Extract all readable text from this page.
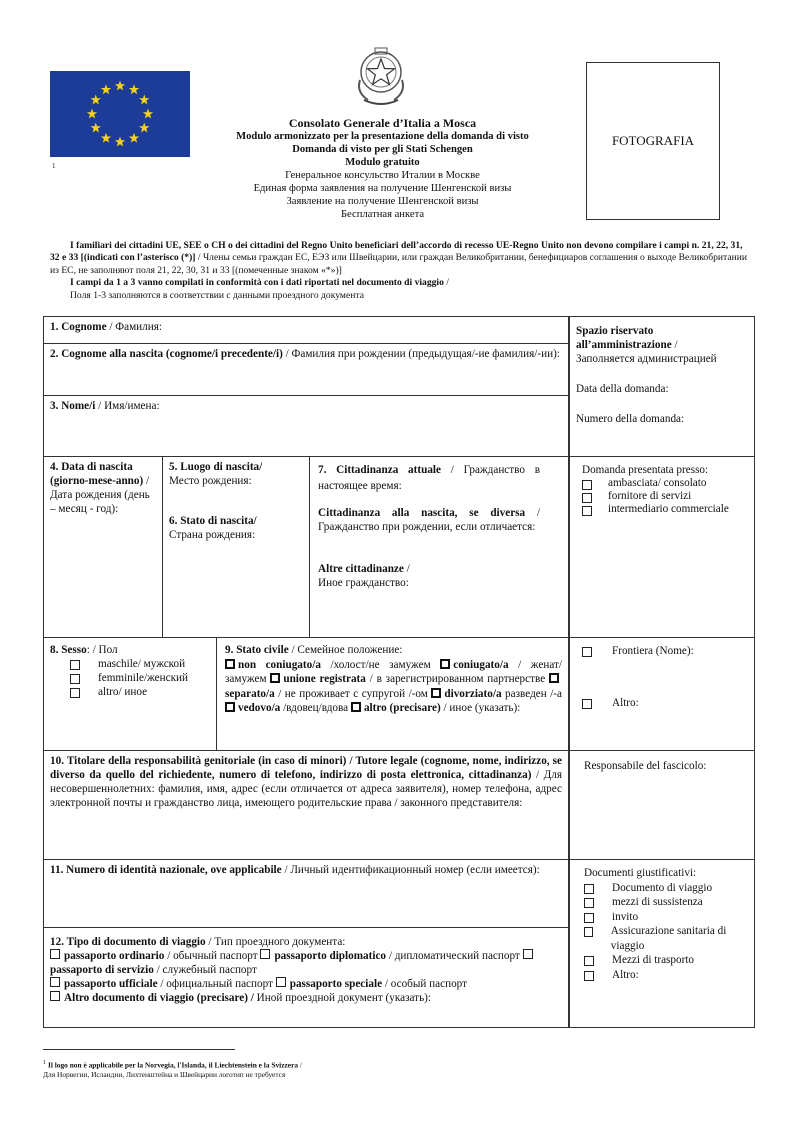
1
Consolato Generale d’Italia a Mosca
Modulo armonizzato per la presentazione della domanda di visto
Domanda di visto per gli Stati Schengen
Modulo gratuito
Генеральное консульство Италии в Москве
Единая форма заявления на получение Шенгенской визы
Заявление на получение Шенгенской визы
Бесплатная анкета
FOTOGRAFIA
I familiari dei cittadini UE, SEE o CH o dei cittadini del Regno Unito beneficiari dell’accordo di recesso UE-Regno Unito non devono compilare i campi n. 21, 22, 31, 32 e 33 [(indicati con l’asterisco (*)] / Члены семьи граждан ЕС, ЕЭЗ или Швейцарии, или граждан Великобритании, бенефициаров соглашения о выходе Великобритании из ЕС, не заполняют поля 21, 22, 30, 31 и 33 [(помеченные знаком «*»)]
I campi da 1 a 3 vanno compilati in conformità con i dati riportati nel documento di viaggio /
Поля 1-3 заполняются в соответствии с данными проездного документа
1. Cognome / Фамилия:
2. Cognome alla nascita (cognome/i precedente/i) / Фамилия при рождении (предыдущая/-ие фамилия/-ии):
3. Nome/i / Имя/имена:
Spazio riservato all’amministrazione /
Заполняется администрацией
Data della domanda:
Numero della domanda:
4. Data di nascita (giorno-mese-anno) / Дата рождения (день – месяц - год):
5. Luogo di nascita/
Место рождения:
6. Stato di nascita/
Страна рождения:
7. Cittadinanza attuale / Гражданство в настоящее время:
Cittadinanza alla nascita, se diversa / Гражданство при рождении, если отличается:
Altre cittadinanze /
Иное гражданство:
Domanda presentata presso:
ambasciata/ consolato
fornitore di servizi
intermediario commerciale
8. Sesso: / Пол
maschile/ мужской
femminile/женский
altro/ иное
9. Stato civile / Семейное положение:
non coniugato/a /холост/не замужем coniugato/a / женат/ замужем unione registrata / в зарегистрированном партнерстве separato/a / не проживает с супругой /-ом divorziato/a разведен /-а vedovo/a /вдовец/вдова altro (precisare) / иное (указать):
Frontiera (Nome):
Altro:
10. Titolare della responsabilità genitoriale (in caso di minori) / Tutore legale (cognome, nome, indirizzo, se diverso da quello del richiedente, numero di telefono, indirizzo di posta elettronica, cittadinanza) / Для несовершеннолетних: фамилия, имя, адрес (если отличается от адреса заявителя), номер телефона, адрес электронной почты и гражданство лица, имеющего родительские права / законного представителя:
Responsabile del fascicolo:
11. Numero di identità nazionale, ove applicabile / Личный идентификационный номер (если имеется):
12. Tipo di documento di viaggio / Тип проездного документа:
passaporto ordinario / обычный паспорт passaporto diplomatico / дипломатический паспорт passaporto di servizio / служебный паспорт
passaporto ufficiale / официальный паспорт passaporto speciale / особый паспорт
Altro documento di viaggio (precisare) / Иной проездной документ (указать):
Documenti giustificativi:
Documento di viaggio
mezzi di sussistenza
invito
Assicurazione sanitaria di viaggio
Mezzi di trasporto
Altro:
$^1$ Il logo non è applicabile per la Norvegia, l'Islanda, il Liechtenstein e la Svizzera /
Для Норвегии, Исландии, Лихтенштейна и Швейцарии логотип не требуется
